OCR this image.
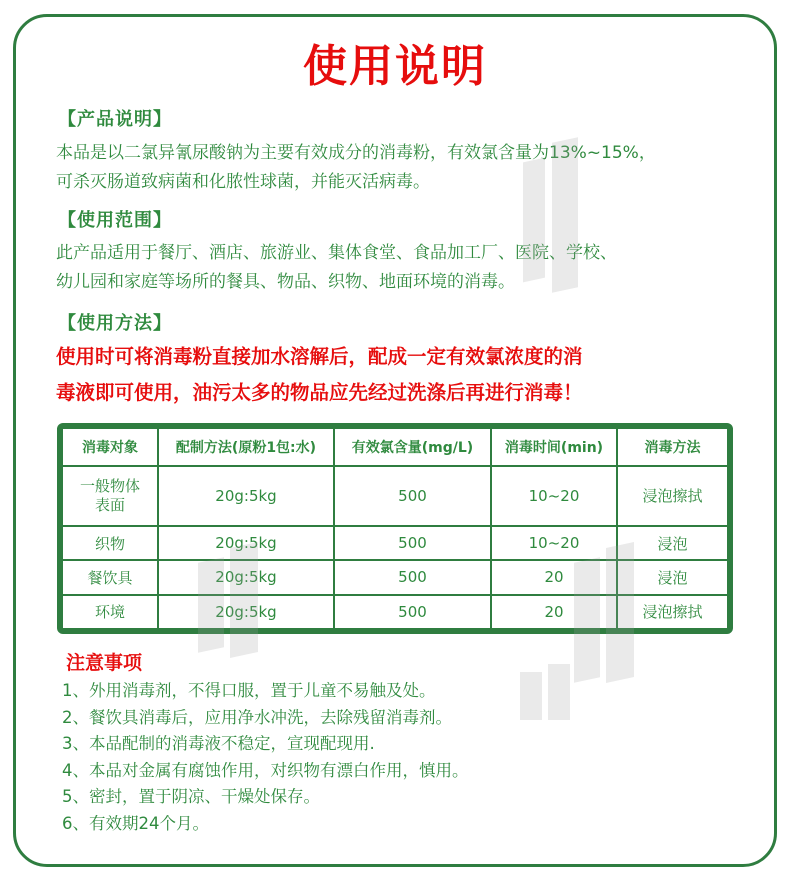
使用说明
【产品说明】
本品是以二氯异氰尿酸钠为主要有效成分的消毒粉，有效氯含量为13%~15%，
可杀灭肠道致病菌和化脓性球菌，并能灭活病毒。
【使用范围】
此产品适用于餐厅、酒店、旅游业、集体食堂、食品加工厂、医院、学校、
幼儿园和家庭等场所的餐具、物品、织物、地面环境的消毒。
【使用方法】
使用时可将消毒粉直接加水溶解后，配成一定有效氯浓度的消
毒液即可使用，油污太多的物品应先经过洗涤后再进行消毒！
消毒对象	配制方法(原粉1包:水)	有效氯含量(mg/L)	消毒时间(min)	消毒方法
一般物体表面	20g:5kg	500	10~20	浸泡擦拭
织物	20g:5kg	500	10~20	浸泡
餐饮具	20g:5kg	500	20	浸泡
环境	20g:5kg	500	20	浸泡擦拭
注意事项
1、外用消毒剂，不得口服，置于儿童不易触及处。
2、餐饮具消毒后，应用净水冲洗，去除残留消毒剂。
3、本品配制的消毒液不稳定，宣现配现用.
4、本品对金属有腐蚀作用，对织物有漂白作用，慎用。
5、密封，置于阴凉、干燥处保存。
6、有效期24个月。
